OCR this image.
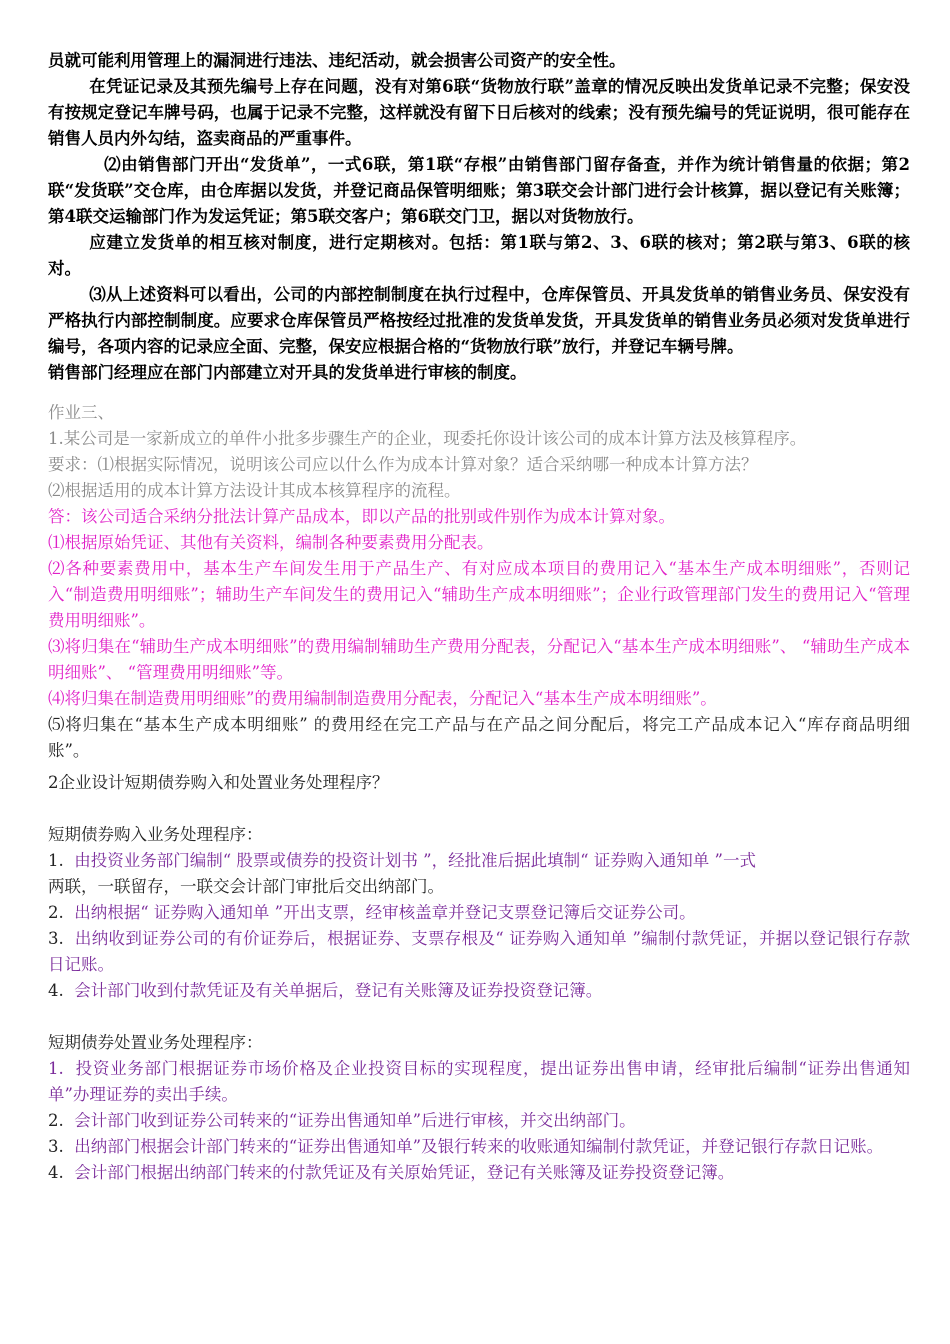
员就可能利用管理上的漏洞进行违法、违纪活动，就会损害公司资产的安全性。

在凭证记录及其预先编号上存在问题，没有对第6联“货物放行联”盖章的情况反映出发货单记录不完整；保安没有按规定登记车牌号码，也属于记录不完整，这样就没有留下日后核对的线索；没有预先编号的凭证说明，很可能存在销售人员内外勾结，盗卖商品的严重事件。

⑵由销售部门开出“发货单”，一式6联，第1联“存根”由销售部门留存备查，并作为统计销售量的依据；第2联“发货联”交仓库，由仓库据以发货，并登记商品保管明细账；第3联交会计部门进行会计核算，据以登记有关账簿；第4联交运输部门作为发运凭证；第5联交客户；第6联交门卫，据以对货物放行。

应建立发货单的相互核对制度，进行定期核对。包括：第1联与第2、3、6联的核对；第2联与第3、6联的核对。

⑶从上述资料可以看出，公司的内部控制制度在执行过程中，仓库保管员、开具发货单的销售业务员、保安没有严格执行内部控制制度。应要求仓库保管员严格按经过批准的发货单发货，开具发货单的销售业务员必须对发货单进行编号，各项内容的记录应全面、完整，保安应根据合格的“货物放行联”放行，并登记车辆号牌。

销售部门经理应在部门内部建立对开具的发货单进行审核的制度。

作业三、

1.某公司是一家新成立的单件小批多步骤生产的企业，现委托你设计该公司的成本计算方法及核算程序。

要求：⑴根据实际情况，说明该公司应以什么作为成本计算对象？适合采纳哪一种成本计算方法？

⑵根据适用的成本计算方法设计其成本核算程序的流程。

答：该公司适合采纳分批法计算产品成本，即以产品的批别或件别作为成本计算对象。

⑴根据原始凭证、其他有关资料，编制各种要素费用分配表。

⑵各种要素费用中，基本生产车间发生用于产品生产、有对应成本项目的费用记入“基本生产成本明细账”，否则记入“制造费用明细账”；辅助生产车间发生的费用记入“辅助生产成本明细账”；企业行政管理部门发生的费用记入“管理费用明细账”。

⑶将归集在“辅助生产成本明细账”的费用编制辅助生产费用分配表，分配记入“基本生产成本明细账”、 “辅助生产成本明细账”、 “管理费用明细账”等。

⑷将归集在制造费用明细账”的费用编制制造费用分配表，分配记入“基本生产成本明细账”。

⑸将归集在“基本生产成本明细账” 的费用经在完工产品与在产品之间分配后，将完工产品成本记入“库存商品明细账”。

2企业设计短期债券购入和处置业务处理程序？

短期债券购入业务处理程序：

1. 由投资业务部门编制“ 股票或债券的投资计划书 ”，经批准后据此填制“ 证券购入通知单 ”一式

两联，一联留存，一联交会计部门审批后交出纳部门。

2. 出纳根据“ 证券购入通知单 ”开出支票，经审核盖章并登记支票登记簿后交证券公司。

3. 出纳收到证券公司的有价证券后，根据证券、支票存根及“ 证券购入通知单 ”编制付款凭证，并据以登记银行存款日记账。

4. 会计部门收到付款凭证及有关单据后，登记有关账簿及证券投资登记簿。

短期债券处置业务处理程序：

1. 投资业务部门根据证券市场价格及企业投资目标的实现程度，提出证券出售申请，经审批后编制“证券出售通知单”办理证券的卖出手续。

2. 会计部门收到证券公司转来的“证券出售通知单”后进行审核，并交出纳部门。

3. 出纳部门根据会计部门转来的“证券出售通知单”及银行转来的收账通知编制付款凭证，并登记银行存款日记账。

4. 会计部门根据出纳部门转来的付款凭证及有关原始凭证，登记有关账簿及证券投资登记簿。
